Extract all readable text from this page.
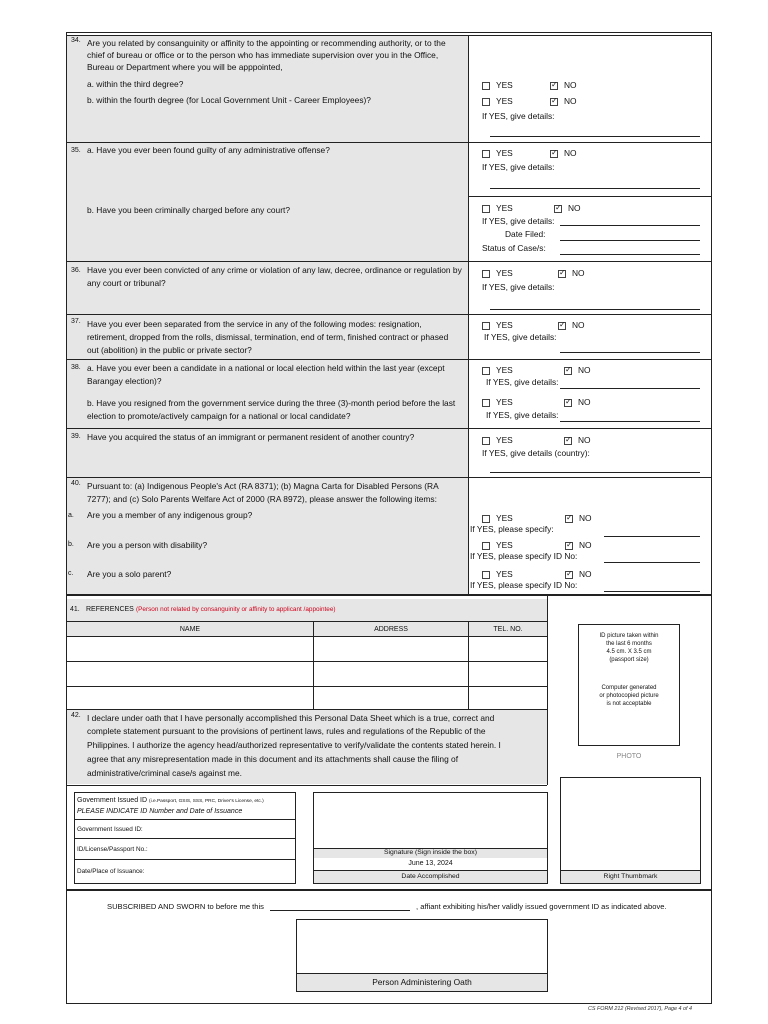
34. Are you related by consanguinity or affinity to the appointing or recommending authority, or to the
chief of bureau or office or to the person who has immediate supervision over you in the Office,
Bureau or Department where you will be apppointed,
a. within the third degree?
b. within the fourth degree (for Local Government Unit - Career Employees)?
YES ✓	NO
YES ✓	NO
If YES, give details:
35. a. Have you ever been found guilty of any administrative offense?
b. Have you been criminally charged before any court?
YES ✓	NO
If YES, give details:
YES ✓	NO
If YES, give details:
Date Filed:
Status of Case/s:
36. Have you ever been convicted of any crime or violation of any law, decree, ordinance or regulation by
any court or tribunal?
YES ✓	NO
If YES, give details:
37. Have you ever been separated from the service in any of the following modes: resignation,
retirement, dropped from the rolls, dismissal, termination, end of term, finished contract or phased
out (abolition) in the public or private sector?
YES ✓	NO
If YES, give details:
38. a. Have you ever been a candidate in a national or local election held within the last year (except
Barangay election)?
b. Have you resigned from the government service during the three (3)-month period before the last
election to promote/actively campaign for a national or local candidate?
YES ✓	NO
If YES, give details:
YES ✓	NO
If YES, give details:
39. Have you acquired the status of an immigrant or permanent resident of another country?	YES ✓	NO
If YES, give details (country):
40. Pursuant to: (a) Indigenous People's Act (RA 8371); (b) Magna Carta for Disabled Persons (RA
7277); and (c) Solo Parents Welfare Act of 2000 (RA 8972), please answer the following items:
a. Are you a member of any indigenous group?
b. Are you a person with disability?
c. Are you a solo parent?
YES ✓	NO
If YES, please specify:
YES ✓	NO
If YES, please specify ID No:
YES ✓	NO
If YES, please specify ID No:
41. REFERENCES (Person not related by consanguinity or affinity to applicant /appointee)
NAME	ADDRESS	TEL. NO.
ID picture taken within
the last 6 months
4.5 cm. X 3.5 cm
(passport size)
Computer generated
or photocopied picture
is not acceptable
PHOTO
42. I declare under oath that I have personally accomplished this Personal Data Sheet which is a true, correct and
complete statement pursuant to the provisions of pertinent laws, rules and regulations of the Republic of the
Philippines. I authorize the agency head/authorized representative to verify/validate the contents stated herein. I
agree that any misrepresentation made in this document and its attachments shall cause the filing of
administrative/criminal case/s against me.
Government Issued ID (i.e.Passport, GSIS, SSS, PRC, Driver's License, etc.)
PLEASE INDICATE ID Number and Date of Issuance
Government Issued ID:
ID/License/Passport No.:
Date/Place of Issuance:
Signature (Sign inside the box)
June 13, 2024
Date Accomplished	Right Thumbmark
SUBSCRIBED AND SWORN to before me this	, affiant exhibiting his/her validly issued government ID as indicated above.
Person Administering Oath
CS FORM 212 (Revised 2017), Page 4 of 4
